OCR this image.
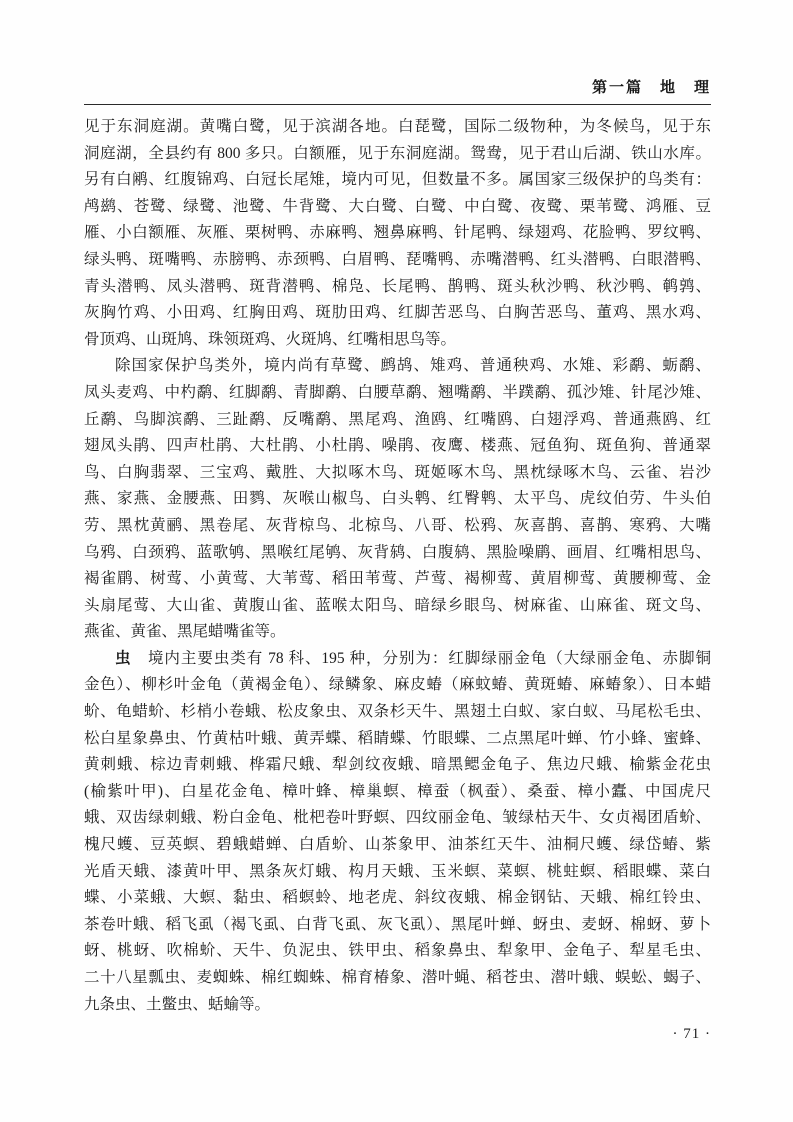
第一篇　地　理
见于东洞庭湖。黄嘴白鹭，见于滨湖各地。白琵鹭，国际二级物种，为冬候鸟，见于东
洞庭湖，全县约有 800 多只。白额雁，见于东洞庭湖。鸳鸯，见于君山后湖、铁山水库。
另有白鹇、红腹锦鸡、白冠长尾雉，境内可见，但数量不多。属国家三级保护的鸟类有：
鸬鹚、苍鹭、绿鹭、池鹭、牛背鹭、大白鹭、白鹭、中白鹭、夜鹭、栗苇鹭、鸿雁、豆
雁、小白额雁、灰雁、栗树鸭、赤麻鸭、翘鼻麻鸭、针尾鸭、绿翅鸡、花脸鸭、罗纹鸭、
绿头鸭、斑嘴鸭、赤膀鸭、赤颈鸭、白眉鸭、琵嘴鸭、赤嘴潜鸭、红头潜鸭、白眼潜鸭、
青头潜鸭、凤头潜鸭、斑背潜鸭、棉凫、长尾鸭、鹊鸭、斑头秋沙鸭、秋沙鸭、鹌鹑、
灰胸竹鸡、小田鸡、红胸田鸡、斑肋田鸡、红脚苦恶鸟、白胸苦恶鸟、董鸡、黑水鸡、
骨顶鸡、山斑鸠、珠领斑鸡、火斑鸠、红嘴相思鸟等。
除国家保护鸟类外，境内尚有草鹭、鹧鸪、雉鸡、普通秧鸡、水雉、彩鹬、蛎鹬、
凤头麦鸡、中杓鹬、红脚鹬、青脚鹬、白腰草鹬、翘嘴鹬、半蹼鹬、孤沙雉、针尾沙雉、
丘鹬、鸟脚滨鹬、三趾鹬、反嘴鹬、黑尾鸡、渔鸥、红嘴鸥、白翅浮鸡、普通燕鸥、红
翅凤头鹃、四声杜鹃、大杜鹃、小杜鹃、噪鹃、夜鹰、楼燕、冠鱼狗、斑鱼狗、普通翠
鸟、白胸翡翠、三宝鸡、戴胜、大拟啄木鸟、斑姬啄木鸟、黑枕绿啄木鸟、云雀、岩沙
燕、家燕、金腰燕、田鹨、灰喉山椒鸟、白头鹎、红臀鹎、太平鸟、虎纹伯劳、牛头伯
劳、黑枕黄鹂、黑卷尾、灰背椋鸟、北椋鸟、八哥、松鸦、灰喜鹊、喜鹊、寒鸦、大嘴
乌鸦、白颈鸦、蓝歌鸲、黑喉红尾鸲、灰背鸫、白腹鸫、黑脸噪鹛、画眉、红嘴相思鸟、
褐雀鹛、树莺、小黄莺、大苇莺、稻田苇莺、芦莺、褐柳莺、黄眉柳莺、黄腰柳莺、金
头扇尾莺、大山雀、黄腹山雀、蓝喉太阳鸟、暗绿乡眼鸟、树麻雀、山麻雀、斑文鸟、
燕雀、黄雀、黑尾蜡嘴雀等。
虫　境内主要虫类有 78 科、195 种，分别为：红脚绿丽金龟（大绿丽金龟、赤脚铜
金色）、柳杉叶金龟（黄褐金龟）、绿鳞象、麻皮蝽（麻蚊蝽、黄斑蝽、麻蝽象）、日本蜡
蚧、龟蜡蚧、杉梢小卷蛾、松皮象虫、双条杉天牛、黑翅土白蚁、家白蚁、马尾松毛虫、
松白星象鼻虫、竹黄枯叶蛾、黄弄蝶、稻睛蝶、竹眼蝶、二点黑尾叶蝉、竹小蜂、蜜蜂、
黄刺蛾、棕边青刺蛾、桦霜尺蛾、犁剑纹夜蛾、暗黑鳃金龟子、焦边尺蛾、榆紫金花虫
(榆紫叶甲)、白星花金龟、樟叶蜂、樟巢螟、樟蚕（枫蚕）、桑蚕、樟小蠹、中国虎尺
蛾、双齿绿刺蛾、粉白金龟、枇杷卷叶野螟、四纹丽金龟、皱绿枯天牛、女贞褐团盾蚧、
槐尺蠖、豆英螟、碧蛾蜡蝉、白盾蚧、山茶象甲、油茶红天牛、油桐尺蠖、绿岱蝽、紫
光盾天蛾、漆黄叶甲、黑条灰灯蛾、构月天蛾、玉米螟、菜螟、桃蛀螟、稻眼蝶、菜白
蝶、小菜蛾、大螟、黏虫、稻螟蛉、地老虎、斜纹夜蛾、棉金钢钻、天蛾、棉红铃虫、
茶卷叶蛾、稻飞虱（褐飞虱、白背飞虱、灰飞虱）、黑尾叶蝉、蚜虫、麦蚜、棉蚜、萝卜
蚜、桃蚜、吹棉蚧、天牛、负泥虫、铁甲虫、稻象鼻虫、犁象甲、金龟子、犁星毛虫、
二十八星瓢虫、麦蜘蛛、棉红蜘蛛、棉育椿象、潜叶蝇、稻苍虫、潜叶蛾、蜈蚣、蝎子、
九条虫、土鳖虫、蛞蝓等。
· 71 ·
